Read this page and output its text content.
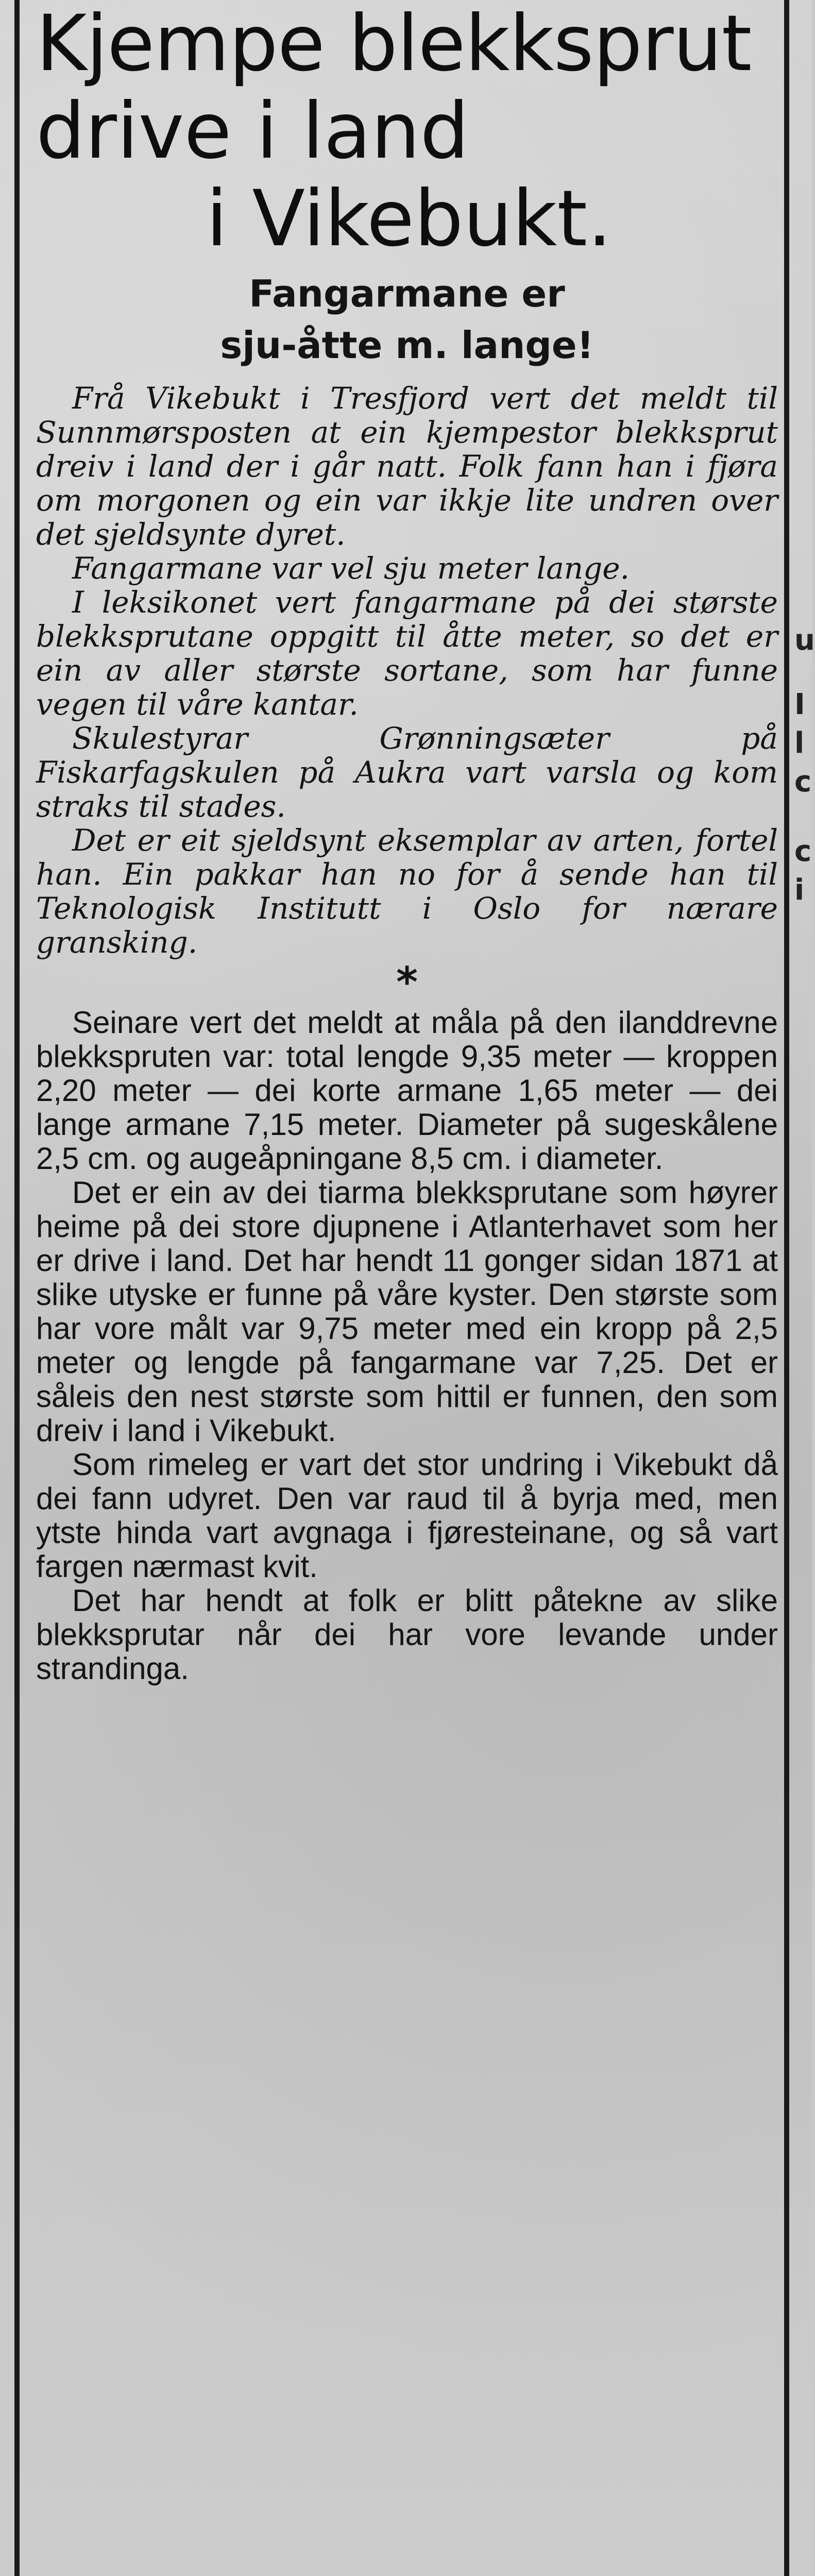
u
I
l
c
c
i
Kjempe blekksprut
drive i land
i Vikebukt.
Fangarmane er
sju-åtte m. lange!

Frå Vikebukt i Tresfjord vert det meldt til Sunnmørsposten at ein kjempestor blekksprut dreiv i land der i går natt. Folk fann han i fjøra om morgonen og ein var ikkje lite undren over det sjeldsynte dyret.

Fangarmane var vel sju meter lange.

I leksikonet vert fangarmane på dei største blekksprutane oppgitt til åtte meter, so det er ein av aller største sortane, som har funne vegen til våre kantar.

Skulestyrar Grønningsæter på Fiskarfagskulen på Aukra vart varsla og kom straks til stades.

Det er eit sjeldsynt eksemplar av arten, fortel han. Ein pakkar han no for å sende han til Teknologisk Institutt i Oslo for nærare gransking.

*

Seinare vert det meldt at måla på den ilanddrevne blekkspruten var: total lengde 9,35 meter — kroppen 2,20 meter — dei korte armane 1,65 meter — dei lange armane 7,15 meter. Diameter på sugeskålene 2,5 cm. og augeåpningane 8,5 cm. i diameter.

Det er ein av dei tiarma blekksprutane som høyrer heime på dei store djupnene i Atlanterhavet som her er drive i land. Det har hendt 11 gonger sidan 1871 at slike utyske er funne på våre kyster. Den største som har vore målt var 9,75 meter med ein kropp på 2,5 meter og lengde på fangarmane var 7,25. Det er såleis den nest største som hittil er funnen, den som dreiv i land i Vikebukt.

Som rimeleg er vart det stor undring i Vikebukt då dei fann udyret. Den var raud til å byrja med, men ytste hinda vart avgnaga i fjøresteinane, og så vart fargen nærmast kvit.

Det har hendt at folk er blitt påtekne av slike blekksprutar når dei har vore levande under strandinga.
